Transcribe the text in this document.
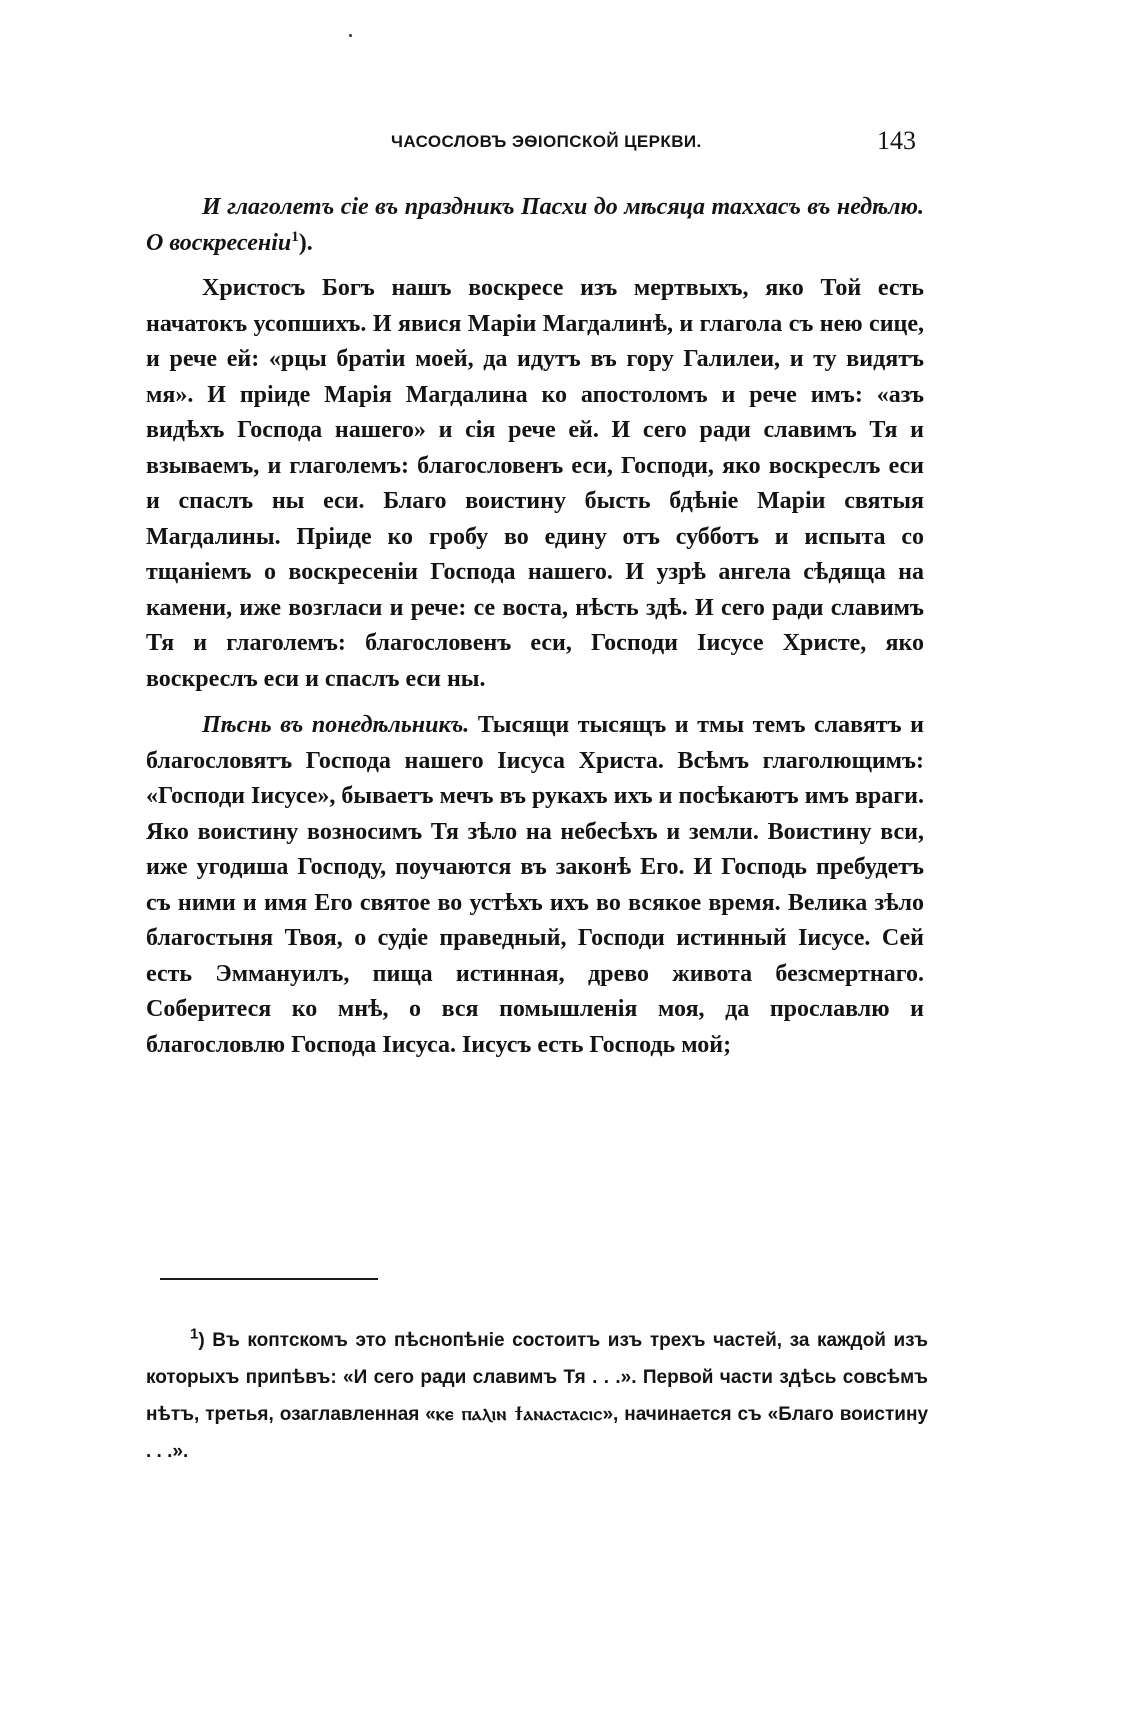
ЧАСОСЛОВЪ ЭѲІОПСКОЙ ЦЕРКВИ.	143

И глаголетъ сіе въ праздникъ Пасхи до мѣсяца таххасъ въ недѣлю. О воскресеніи$^1$).

Христосъ Богъ нашъ воскресе изъ мертвыхъ, яко Той есть начатокъ усопшихъ. И явися Маріи Магдалинѣ, и глагола съ нею сице, и рече ей: «рцы братіи моей, да идутъ въ гору Галилеи, и ту видятъ мя». И пріиде Марія Магдалина ко апостоломъ и рече имъ: «азъ видѣхъ Господа нашего» и сія рече ей. И сего ради славимъ Тя и взываемъ, и глаголемъ: благословенъ еси, Господи, яко воскреслъ еси и спаслъ ны еси. Благо воистину бысть бдѣніе Маріи святыя Магдалины. Пріиде ко гробу во едину отъ субботъ и испыта со тщаніемъ о воскресеніи Господа нашего. И узрѣ ангела сѣдяща на камени, иже возгласи и рече: се воста, нѣсть здѣ. И сего ради славимъ Тя и глаголемъ: благословенъ еси, Господи Іисусе Христе, яко воскреслъ еси и спаслъ еси ны.

Пѣснь въ понедѣльникъ. Тысящи тысящъ и тмы темъ славятъ и благословятъ Господа нашего Іисуса Христа. Всѣмъ глаголющимъ: «Господи Іисусе», бываетъ мечъ въ рукахъ ихъ и посѣкаютъ имъ враги. Яко воистину возносимъ Тя зѣло на небесѣхъ и земли. Воистину вси, иже угодиша Господу, поучаются въ законѣ Его. И Господь пребудетъ съ ними и имя Его святое во устѣхъ ихъ во всякое время. Велика зѣло благостыня Твоя, о судіе праведный, Господи истинный Іисусе. Сей есть Эммануилъ, пища истинная, древо живота безсмертнаго. Соберитеся ко мнѣ, о вся помышленія моя, да прославлю и благословлю Господа Іисуса. Іисусъ есть Господь мой;

$^1$) Въ коптскомъ это пѣснопѣніе состоитъ изъ трехъ частей, за каждой изъ которыхъ припѣвъ: «И сего ради славимъ Тя . . .». Первой части здѣсь совсѣмъ нѣтъ, третья, озаглавленная «ⲕⲉ ⲡⲁⲗⲓⲛ ϯⲁⲛⲁⲥⲧⲁⲥⲓⲥ», начинается съ «Благо воистину . . .».
